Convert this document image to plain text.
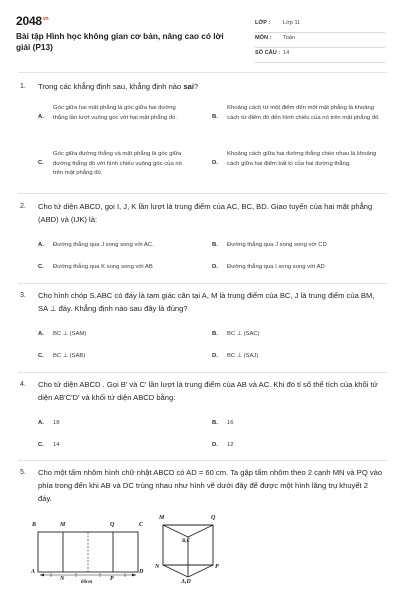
$2048^{vn}$
Bài tập Hình học không gian cơ bản, nâng cao có lời giải (P13)
LỚP : Lớp 11
MÔN : Toán
SỐ CÂU : 14
1. Trong các khẳng định sau, khẳng định nào sai?
A.
Góc giữa hai mặt phẳng là góc giữa hai đường thẳng lần lượt vuông góc với hai mặt phẳng đó.	B.
Khoảng cách từ một điểm đến một mặt phẳng là khoảng cách từ điểm đó đến hình chiếu của nó trên mặt phẳng đó.
C.
Góc giữa đường thẳng và mặt phẳng là góc giữa đường thẳng đó với hình chiếu vuông góc của nó trên mặt phẳng đó.
D.
Khoảng cách giữa hai đường thẳng chéo nhau là khoảng cách giữa hai điểm bất kì của hai đường thẳng.
2. Cho tứ diện ABCD, gọi I, J, K lần lượt là trung điểm của AC, BC, BD. Giao tuyến của hai mặt phẳng (ABD) và (IJK) là:
A. Đường thẳng qua J song song với AC.	B. Đường thẳng qua J song song với CD
C. Đường thẳng qua K song song với AB	D. Đường thẳng qua I song song với AD
3. Cho hình chóp S.ABC có đáy là tam giác cân tại A, M là trung điểm của BC, J là trung điểm của BM, SA ⊥ đáy. Khẳng định nào sau đây là đúng?
A. BC ⊥ (SAM)	B. BC ⊥ (SAC)
C. BC ⊥ (SAB)	D. BC ⊥ (SAJ)
4. Cho tứ diện ABCD . Gọi B' và C' lần lượt là trung điểm của AB và AC. Khi đó tỉ số thể tích của khối tứ diện AB'C'D' và khối tứ diện ABCD bằng:
A. 18	B. 16
C. 14	D. 12
5. Cho một tấm nhôm hình chữ nhật ABCD có AD = 60 cm. Ta gập tấm nhôm theo 2 cạnh MN và PQ vào phía trong đến khi AB và DC trùng nhau như hình vẽ dưới đây để được một hình lăng trụ khuyết 2 đáy.
B	M	Q	C
A
N	P
D
60cm
M	Q
B,C
N	P
A,D
